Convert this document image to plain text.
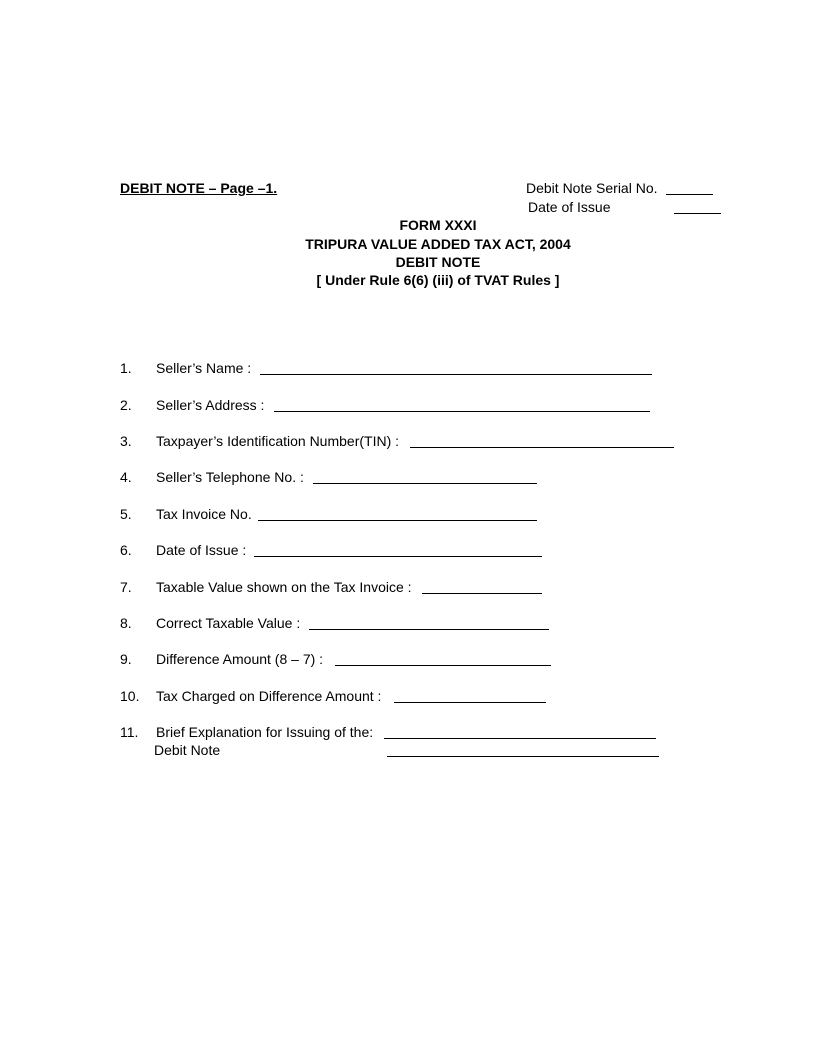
DEBIT NOTE – Page –1.	Debit Note Serial No.
Date of Issue
FORM XXXI
TRIPURA VALUE ADDED TAX ACT, 2004
DEBIT NOTE
[ Under Rule 6(6) (iii) of TVAT Rules ]
1. Seller’s Name :
2. Seller’s Address :
3. Taxpayer’s Identification Number(TIN) :
4. Seller’s Telephone No. :
5. Tax Invoice No.
6. Date of Issue :
7. Taxable Value shown on the Tax Invoice :
8. Correct Taxable Value :
9. Difference Amount (8 – 7) :
10. Tax Charged on Difference Amount :
11. Brief Explanation for Issuing of the:
Debit Note
